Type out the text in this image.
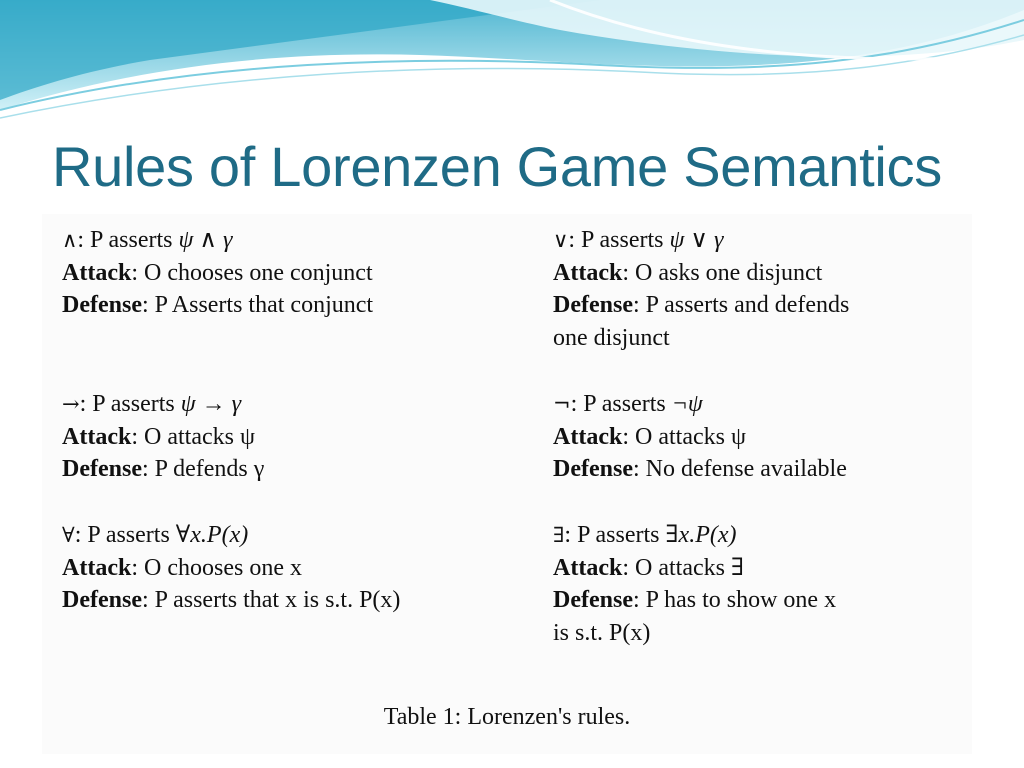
Rules of Lorenzen Game Semantics
∧: P asserts ψ ∧ γ
Attack: O chooses one conjunct
Defense: P Asserts that conjunct
∨: P asserts ψ ∨ γ
Attack: O asks one disjunct
Defense: P asserts and defends
one disjunct
→: P asserts ψ → γ
Attack: O attacks ψ
Defense: P defends γ
¬: P asserts ¬ψ
Attack: O attacks ψ
Defense: No defense available
∀: P asserts ∀x.P(x)
Attack: O chooses one x
Defense: P asserts that x is s.t. P(x)
∃: P asserts ∃x.P(x)
Attack: O attacks ∃
Defense: P has to show one x
is s.t. P(x)
Table 1: Lorenzen's rules.
